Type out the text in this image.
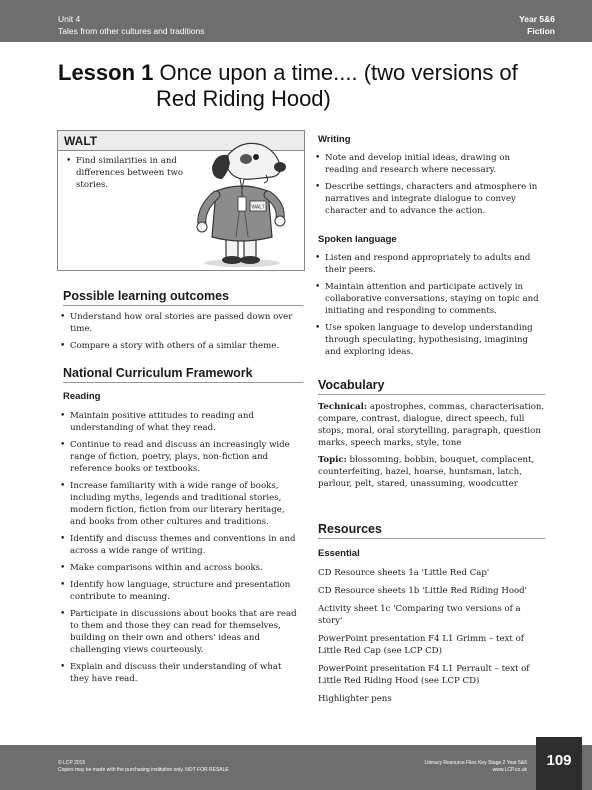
Unit 4
Tales from other cultures and traditions
Year 5&6
Fiction
Lesson 1 Once upon a time.... (two versions of
Red Riding Hood)
WALT
• Find similarities in and differences between two stories.
WALT
Possible learning outcomes
• Understand how oral stories are passed down over time.
• Compare a story with others of a similar theme.
National Curriculum Framework
Reading
• Maintain positive attitudes to reading and understanding of what they read.
• Continue to read and discuss an increasingly wide range of fiction, poetry, plays, non-fiction and reference books or textbooks.
• Increase familiarity with a wide range of books, including myths, legends and traditional stories, modern fiction, fiction from our literary heritage, and books from other cultures and traditions.
• Identify and discuss themes and conventions in and across a wide range of writing.
• Make comparisons within and across books.
• Identify how language, structure and presentation contribute to meaning.
• Participate in discussions about books that are read to them and those they can read for themselves, building on their own and others' ideas and challenging views courteously.
• Explain and discuss their understanding of what they have read.
Writing
• Note and develop initial ideas, drawing on reading and research where necessary.
• Describe settings, characters and atmosphere in narratives and integrate dialogue to convey character and to advance the action.
Spoken language
• Listen and respond appropriately to adults and their peers.
• Maintain attention and participate actively in collaborative conversations, staying on topic and initiating and responding to comments.
• Use spoken language to develop understanding through speculating, hypothesising, imagining and exploring ideas.
Vocabulary

Technical: apostrophes, commas, characterisation, compare, contrast, dialogue, direct speech, full stops, moral, oral storytelling, paragraph, question marks, speech marks, style, tone

Topic: blossoming, bobbin, bouquet, complacent, counterfeiting, hazel, hoarse, huntsman, latch, parlour, pelt, stared, unassuming, woodcutter

Resources
Essential

CD Resource sheets 1a 'Little Red Cap'

CD Resource sheets 1b 'Little Red Riding Hood'

Activity sheet 1c 'Comparing two versions of a story'

PowerPoint presentation F4 L1 Grimm – text of Little Red Cap (see LCP CD)

PowerPoint presentation F4 L1 Perrault – text of Little Red Riding Hood (see LCP CD)

Highlighter pens

© LCP 2015
Copies may be made with the purchasing institution only. NOT FOR RESALE
Literacy Resource Files Key Stage 2 Year 5&6
www.LCP.co.uk
109
